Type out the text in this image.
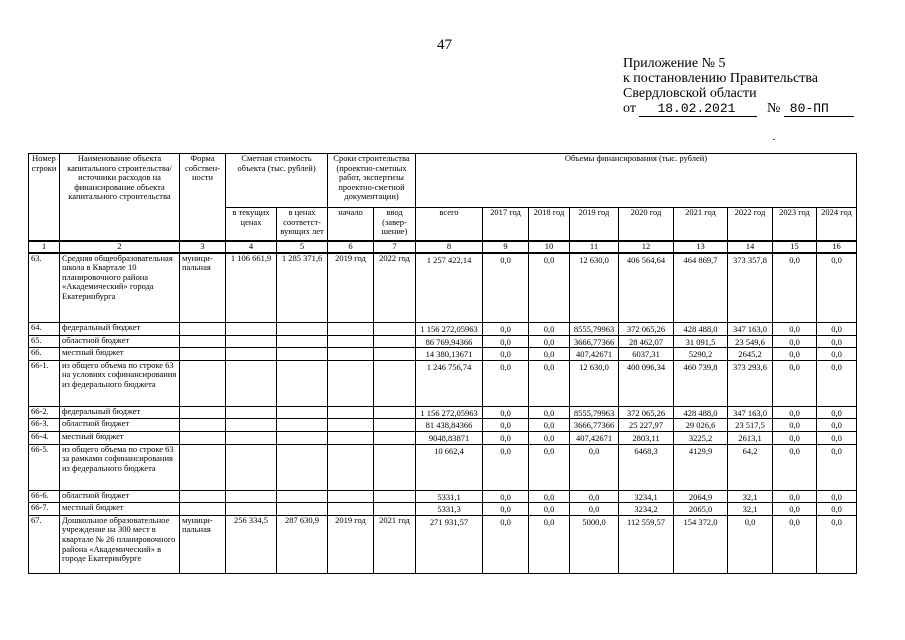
47
Приложение № 5
к постановлению Правительства
Свердловской области
от 18.02.2021 № 80-ПП
Номер строки	Наименование объекта капитального строительства/источники расходов на финансирование объекта капитального строительства	Форма собствен-ности	Сметная стоимость объекта (тыс. рублей)		Сроки строительства (проектно-сметных работ, экспертизы проектно-сметной документации)		Объемы финансирования (тыс. рублей)								
			в текущих ценах	в ценах соответст-вующих лет	начало	ввод (завер-шение)	всего	2017 год	2018 год	2019 год	2020 год	2021 год	2022 год	2023 год	2024 год
1	2	3	4	5	6	7	8	9	10	11	12	13	14	15	16
63.	Средняя общеобразовательная школа в Квартале 10 планировочного района «Академический» города Екатеринбурга	муници-пальная	1 106 661,9	1 285 371,6	2019 год	2022 год	1 257 422,14	0,0	0,0	12 630,0	406 564,64	464 869,7	373 357,8	0,0	0,0
64.	федеральный бюджет						1 156 272,05963	0,0	0,0	8555,79963	372 065,26	428 488,0	347 163,0	0,0	0,0
65.	областной бюджет						86 769,94366	0,0	0,0	3666,77366	28 462,07	31 091,5	23 549,6	0,0	0,0
66.	местный бюджет						14 380,13671	0,0	0,0	407,42671	6037,31	5290,2	2645,2	0,0	0,0
66-1.	из общего объема по строке 63 на условиях софинансирования из федерального бюджета						1 246 756,74	0,0	0,0	12 630,0	400 096,34	460 739,8	373 293,6	0,0	0,0
66-2.	федеральный бюджет						1 156 272,05963	0,0	0,0	8555,79963	372 065,26	428 488,0	347 163,0	0,0	0,0
66-3.	областной бюджет						81 438,84366	0,0	0,0	3666,77366	25 227,97	29 026,6	23 517,5	0,0	0,0
66-4.	местный бюджет						9048,83871	0,0	0,0	407,42671	2803,11	3225,2	2613,1	0,0	0,0
66-5.	из общего объема по строке 63 за рамками софинансирования из федерального бюджета						10 662,4	0,0	0,0	0,0	6468,3	4129,9	64,2	0,0	0,0
66-6.	областной бюджет						5331,1	0,0	0,0	0,0	3234,1	2064,9	32,1	0,0	0,0
66-7.	местный бюджет						5331,3	0,0	0,0	0,0	3234,2	2065,0	32,1	0,0	0,0
67.	Дошкольное образовательное учреждение на 300 мест в квартале № 26 планировочного района «Академический» в городе Екатеринбурге	муници-пальная	256 334,5	287 630,9	2019 год	2021 год	271 931,57	0,0	0,0	5000,0	112 559,57	154 372,0	0,0	0,0	0,0
